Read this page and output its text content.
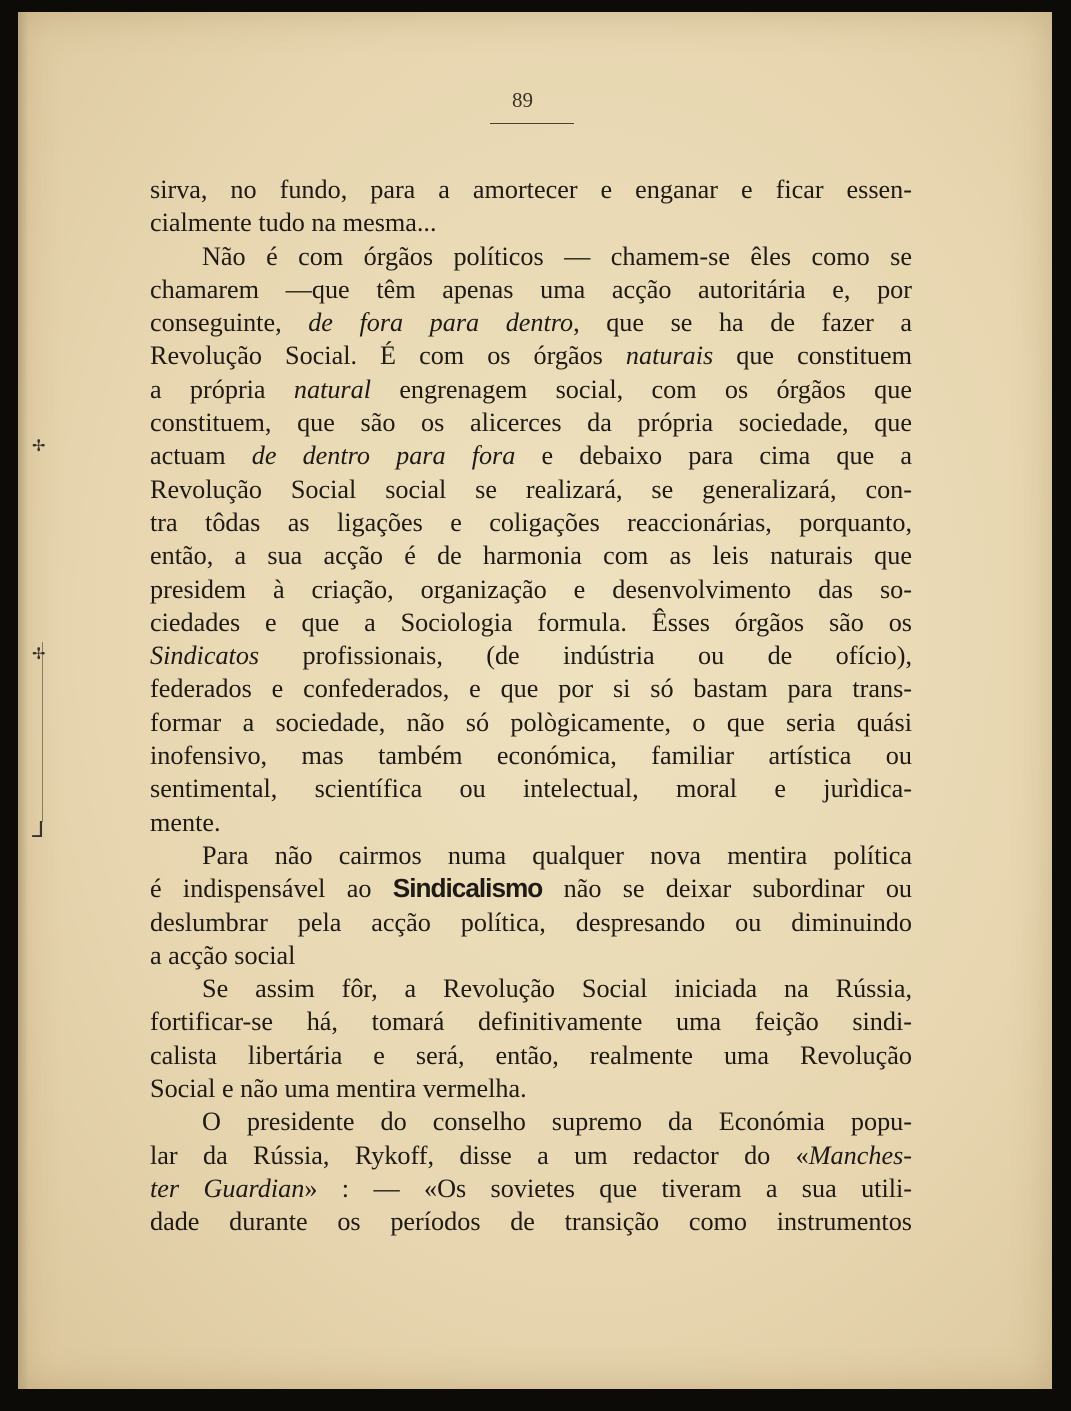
89
✢
✢
⅃
sirva, no fundo, para a amortecer e enganar e ficar essen-
cialmente tudo na mesma...
Não é com órgãos políticos — chamem-se êles como se
chamarem —que têm apenas uma acção autoritária e, por
conseguinte, de fora para dentro, que se ha de fazer a
Revolução Social. É com os órgãos naturais que constituem
a própria natural engrenagem social, com os órgãos que
constituem, que são os alicerces da própria sociedade, que
actuam de dentro para fora e debaixo para cima que a
Revolução Social social se realizará, se generalizará, con-
tra tôdas as ligações e coligações reaccionárias, porquanto,
então, a sua acção é de harmonia com as leis naturais que
presidem à criação, organização e desenvolvimento das so-
ciedades e que a Sociologia formula. Êsses órgãos são os
Sindicatos profissionais, (de indústria ou de ofício),
federados e confederados, e que por si só bastam para trans-
formar a sociedade, não só pològicamente, o que seria quási
inofensivo, mas também económica, familiar artística ou
sentimental, scientífica ou intelectual, moral e jurìdica-
mente.
Para não cairmos numa qualquer nova mentira política
é indispensável ao Sindicalismo não se deixar subordinar ou
deslumbrar pela acção política, despresando ou diminuindo
a acção social
Se assim fôr, a Revolução Social iniciada na Rússia,
fortificar-se há, tomará definitivamente uma feição sindi-
calista libertária e será, então, realmente uma Revolução
Social e não uma mentira vermelha.
O presidente do conselho supremo da Económia popu-
lar da Rússia, Rykoff, disse a um redactor do «Manches-
ter Guardian» : — «Os sovietes que tiveram a sua utili-
dade durante os períodos de transição como instrumentos
